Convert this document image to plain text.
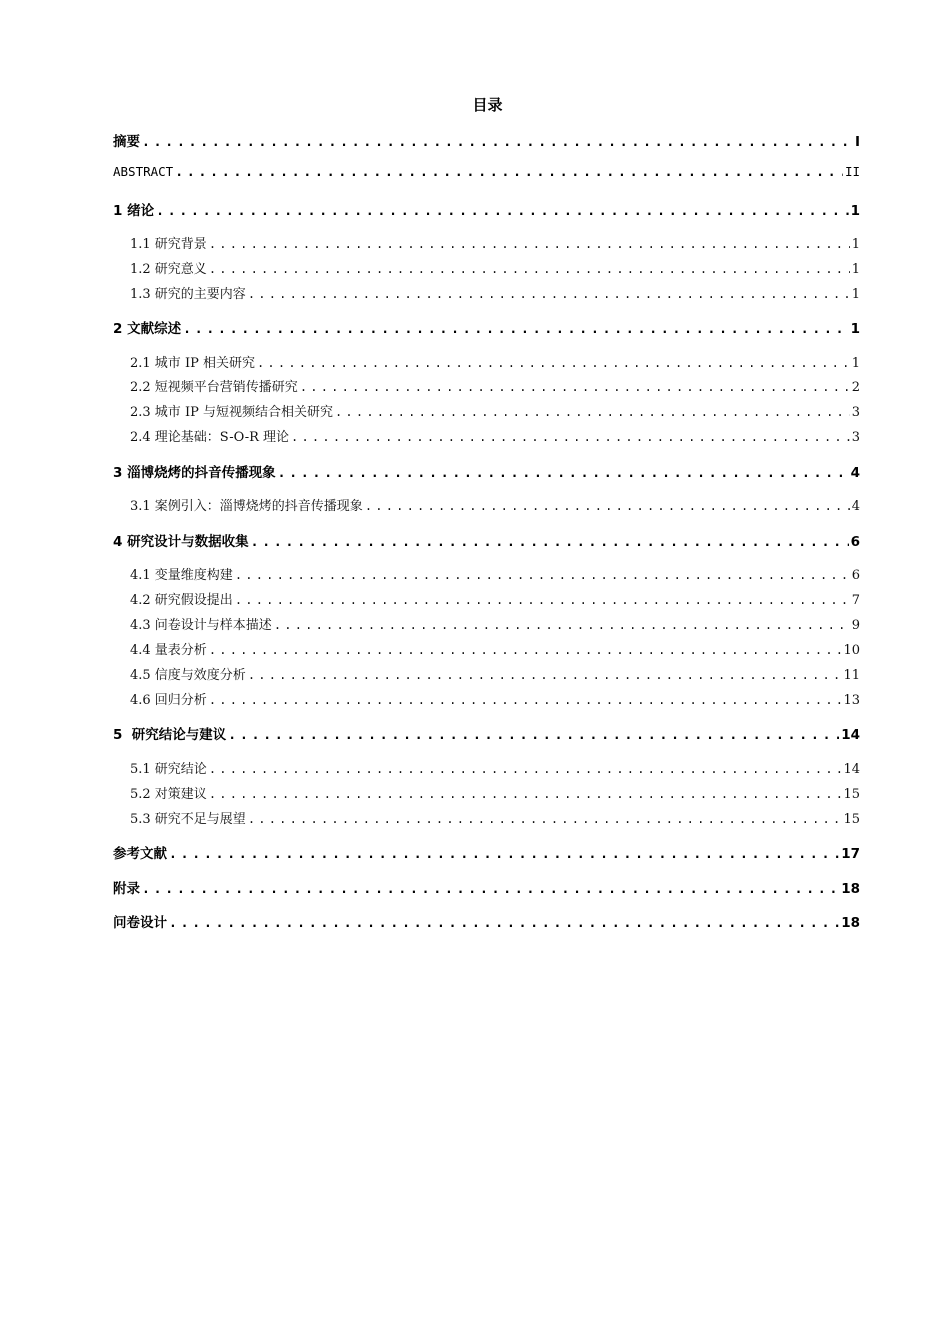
目录
摘要 . . .	I
ABSTRACT . . .	II
1 绪论 . . .	1
1.1 研究背景 . . .	1
1.2 研究意义 . . .	1
1.3 研究的主要内容 . . .	1
2 文献综述 . . .	1
2.1 城市 IP 相关研究 . . .	1
2.2 短视频平台营销传播研究 . . .	2
2.3 城市 IP 与短视频结合相关研究 . . .	3
2.4 理论基础：S-O-R 理论 . . .	3
3 淄博烧烤的抖音传播现象 . . .	4
3.1 案例引入：淄博烧烤的抖音传播现象 . . .	4
4 研究设计与数据收集 . . .	6
4.1 变量维度构建 . . .	6
4.2 研究假设提出 . . .	7
4.3 问卷设计与样本描述 . . .	9
4.4 量表分析 . . .	10
4.5 信度与效度分析 . . .	11
4.6 回归分析 . . .	13
5  研究结论与建议 . . .	14
5.1 研究结论 . . .	14
5.2 对策建议 . . .	15
5.3 研究不足与展望 . . .	15
参考文献 . . .	17
附录 . . .	18
问卷设计 . . .	18
